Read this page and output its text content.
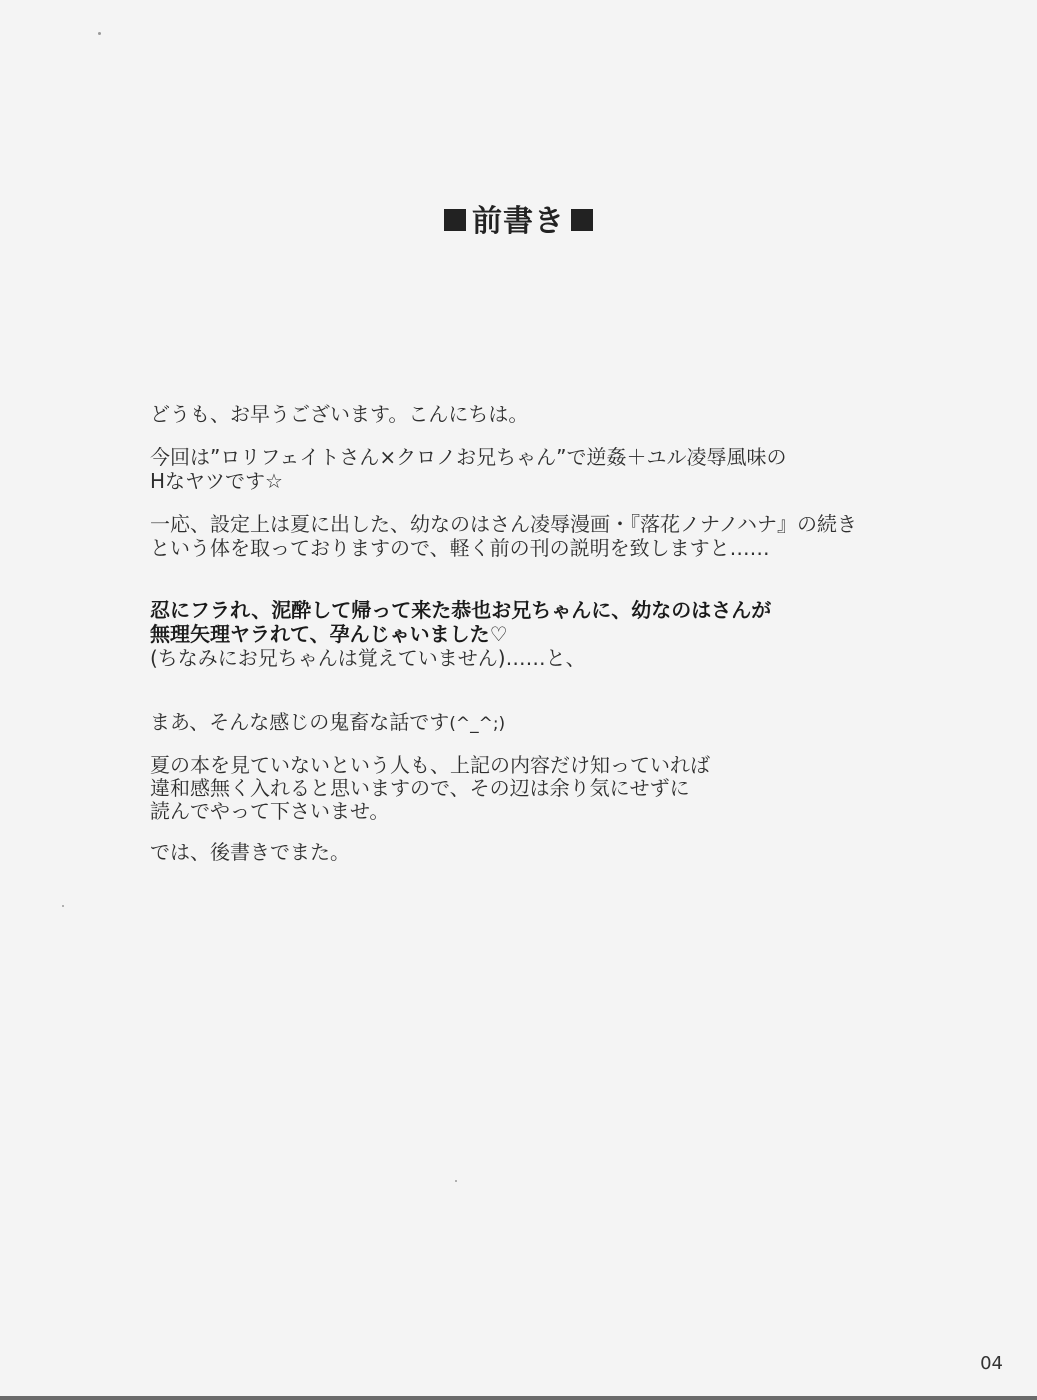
前書き
どうも、お早うございます。こんにちは。
今回は”ロリフェイトさん×クロノお兄ちゃん”で逆姦＋ユル凌辱風味の
Hなヤツです☆
一応、設定上は夏に出した、幼なのはさん凌辱漫画・『落花ノナノハナ』の続き
という体を取っておりますので、軽く前の刊の説明を致しますと……
忍にフラれ、泥酔して帰って来た恭也お兄ちゃんに、幼なのはさんが
無理矢理ヤラれて、孕んじゃいました♡
(ちなみにお兄ちゃんは覚えていません)……と、
まあ、そんな感じの鬼畜な話です(^_^;)
夏の本を見ていないという人も、上記の内容だけ知っていれば
違和感無く入れると思いますので、その辺は余り気にせずに
読んでやって下さいませ。
では、後書きでまた。
04
